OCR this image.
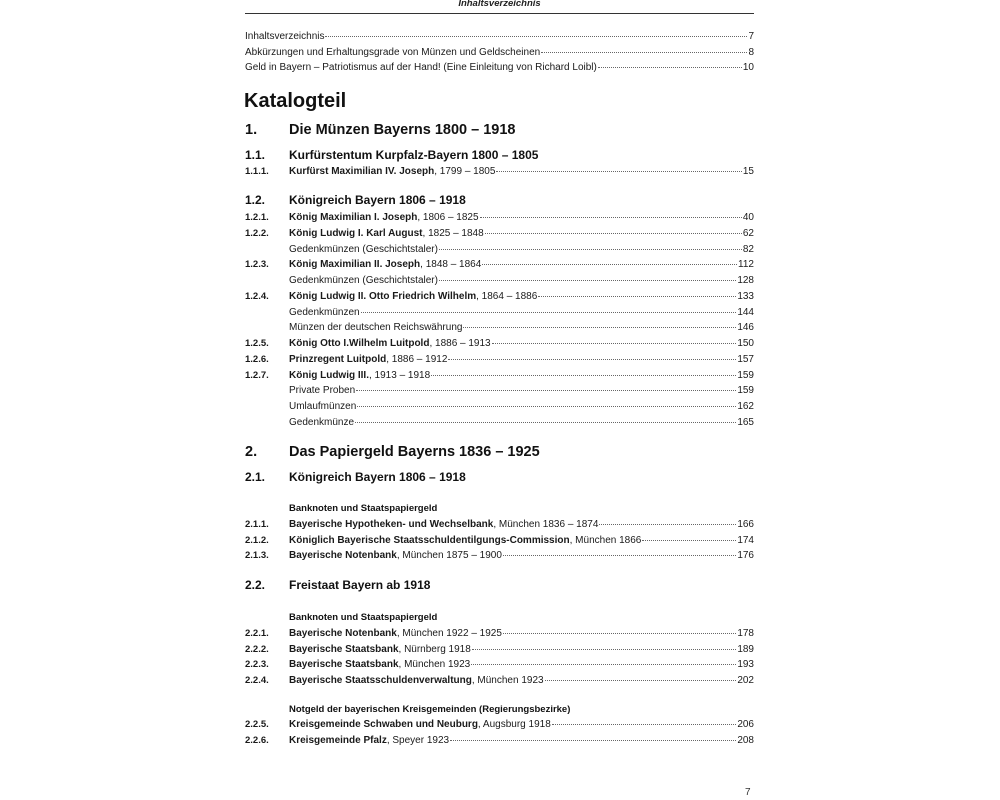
Inhaltsverzeichnis
Inhaltsverzeichnis	7
Abkürzungen und Erhaltungsgrade von Münzen und Geldscheinen	8
Geld in Bayern – Patriotismus auf der Hand! (Eine Einleitung von Richard Loibl)	10
Katalogteil
1.	Die Münzen Bayerns 1800 – 1918
1.1.	Kurfürstentum Kurpfalz-Bayern 1800 – 1805
1.1.1.	Kurfürst Maximilian IV. Joseph, 1799 – 1805	15
1.2.	Königreich Bayern 1806 – 1918
1.2.1.	König Maximilian I. Joseph, 1806 – 1825	40
1.2.2.	König Ludwig I. Karl August, 1825 – 1848	62
Gedenkmünzen (Geschichtstaler)	82
1.2.3.	König Maximilian II. Joseph, 1848 – 1864	112
Gedenkmünzen (Geschichtstaler)	128
1.2.4.	König Ludwig II. Otto Friedrich Wilhelm, 1864 – 1886	133
Gedenkmünzen	144
Münzen der deutschen Reichswährung	146
1.2.5.	König Otto I.Wilhelm Luitpold, 1886 – 1913	150
1.2.6.	Prinzregent Luitpold, 1886 – 1912	157
1.2.7.	König Ludwig III., 1913 – 1918	159
Private Proben	159
Umlaufmünzen	162
Gedenkmünze	165
2.	Das Papiergeld Bayerns 1836 – 1925
2.1.	Königreich Bayern 1806 – 1918
Banknoten und Staatspapiergeld
2.1.1.	Bayerische Hypotheken- und Wechselbank, München 1836 – 1874	166
2.1.2.	Königlich Bayerische Staatsschuldentilgungs-Commission, München 1866	174
2.1.3.	Bayerische Notenbank, München 1875 – 1900	176
2.2.	Freistaat Bayern ab 1918
Banknoten und Staatspapiergeld
2.2.1.	Bayerische Notenbank, München 1922 – 1925	178
2.2.2.	Bayerische Staatsbank, Nürnberg 1918	189
2.2.3.	Bayerische Staatsbank, München 1923	193
2.2.4.	Bayerische Staatsschuldenverwaltung, München 1923	202
Notgeld der bayerischen Kreisgemeinden (Regierungsbezirke)
2.2.5.	Kreisgemeinde Schwaben und Neuburg, Augsburg 1918	206
2.2.6.	Kreisgemeinde Pfalz, Speyer 1923	208
7
